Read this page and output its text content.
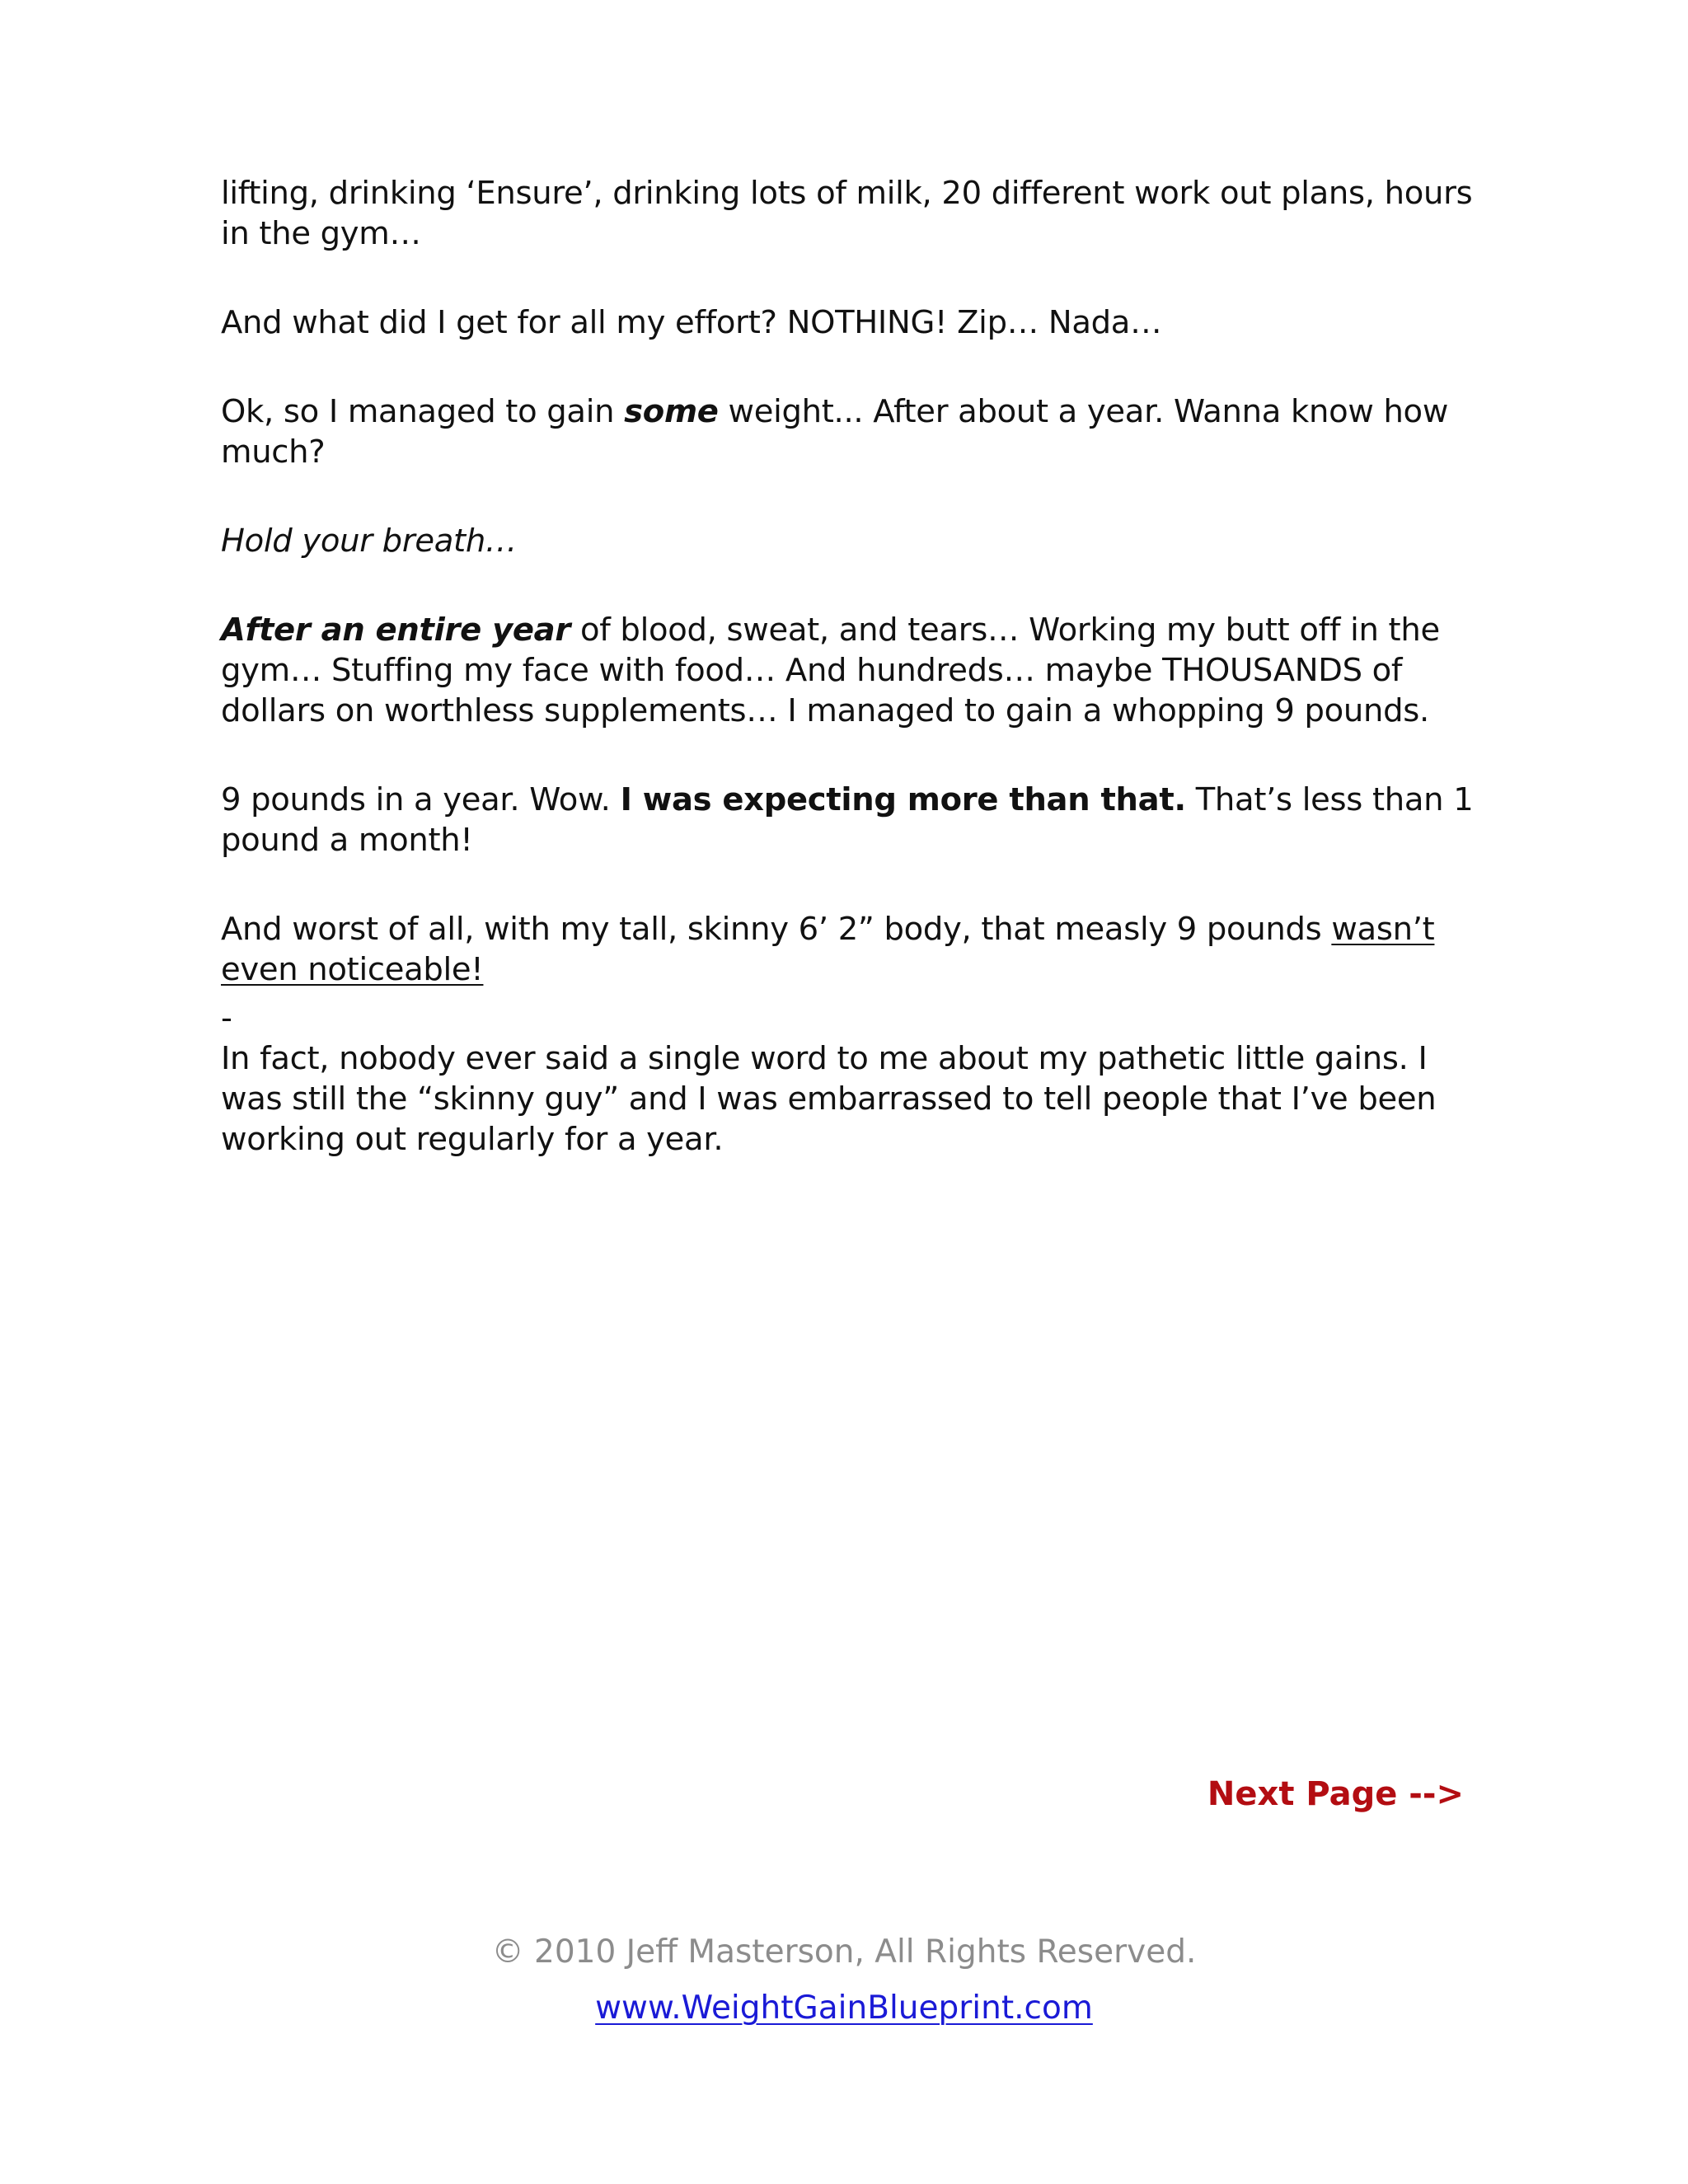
lifting, drinking ‘Ensure’, drinking lots of milk, 20 different work out plans, hours in the gym…

And what did I get for all my effort? NOTHING! Zip… Nada…

Ok, so I managed to gain some weight... After about a year. Wanna know how much?

Hold your breath…

After an entire year of blood, sweat, and tears… Working my butt off in the gym… Stuffing my face with food… And hundreds… maybe THOUSANDS of dollars on worthless supplements… I managed to gain a whopping 9 pounds.

9 pounds in a year. Wow. I was expecting more than that. That’s less than 1 pound a month!

And worst of all, with my tall, skinny 6’ 2” body, that measly 9 pounds wasn’t even noticeable!

-

In fact, nobody ever said a single word to me about my pathetic little gains. I was still the “skinny guy” and I was embarrassed to tell people that I’ve been working out regularly for a year.

Next Page -->
© 2010 Jeff Masterson, All Rights Reserved.
www.WeightGainBlueprint.com
